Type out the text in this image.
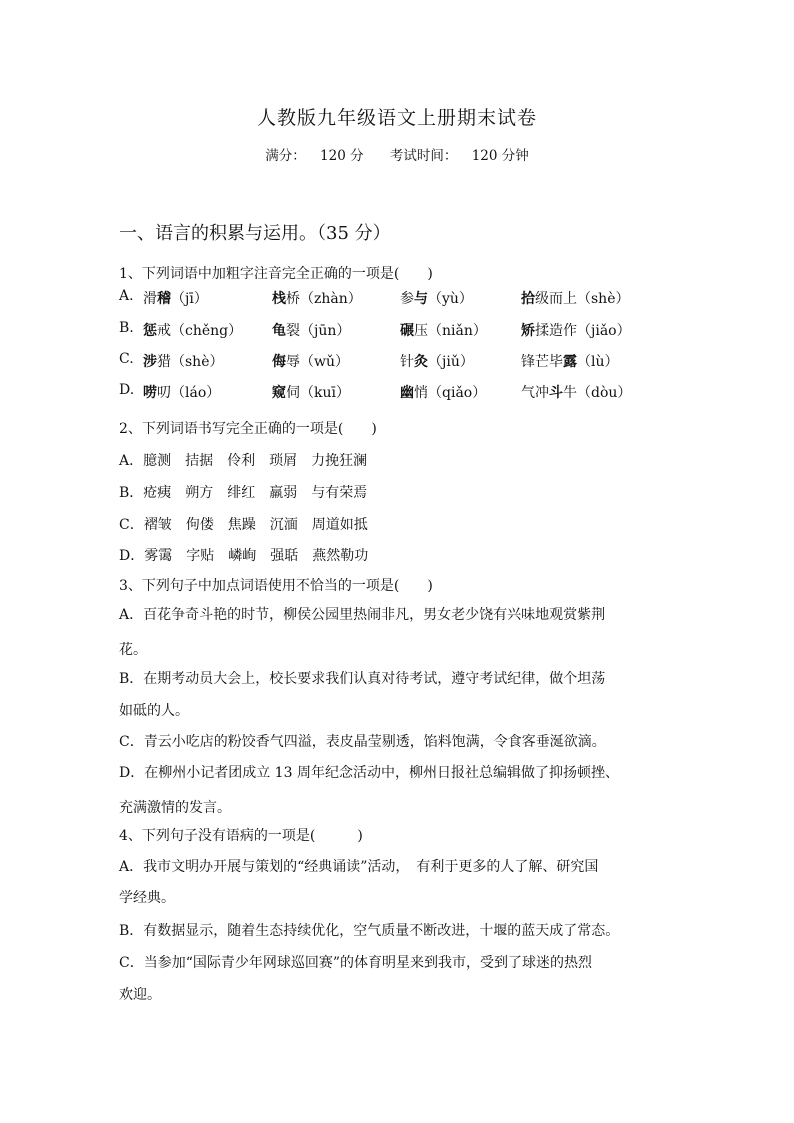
人教版九年级语文上册期末试卷
满分： 120 分 考试时间： 120 分钟
一、语言的积累与运用。（35 分）
1、下列词语中加粗字注音完全正确的一项是(　　)
A. 滑稽（jī）	栈桥（zhàn）	参与（yù）	拾级而上（shè）
B. 惩戒（chěng） 龟裂（jūn）	碾压（niǎn） 矫揉造作（jiǎo）
C. 涉猎（shè）	侮辱（wǔ）	针灸（jiǔ）	锋芒毕露（lù）
D. 唠叨（láo）	窥伺（kuī）	幽悄（qiǎo） 气冲斗牛（dòu）
2、下列词语书写完全正确的一项是(　　)
A．臆测　拮据　伶利　琐屑　力挽狂澜
B．疮痍　朔方　绯红　羸弱　与有荣焉
C．褶皱　佝偻　焦躁　沉湎　周道如抵
D．雾霭　字贴　嶙峋　强聒　燕然勒功
3、下列句子中加点词语使用不恰当的一项是(　　)
A．百花争奇斗艳的时节，柳侯公园里热闹非凡，男女老少饶有兴味地观赏紫荆
花。
B．在期考动员大会上，校长要求我们认真对待考试，遵守考试纪律，做个坦荡
如砥的人。
C．青云小吃店的粉饺香气四溢，表皮晶莹剔透，馅料饱满，令食客垂涎欲滴。
D．在柳州小记者团成立 13 周年纪念活动中，柳州日报社总编辑做了抑扬顿挫、
充满激情的发言。
4、下列句子没有语病的一项是(　　　)
A．我市文明办开展与策划的“经典诵读”活动，　有利于更多的人了解、研究国
学经典。
B．有数据显示，随着生态持续优化，空气质量不断改进，十堰的蓝天成了常态。
C．当参加“国际青少年网球巡回赛”的体育明星来到我市，受到了球迷的热烈
欢迎。
